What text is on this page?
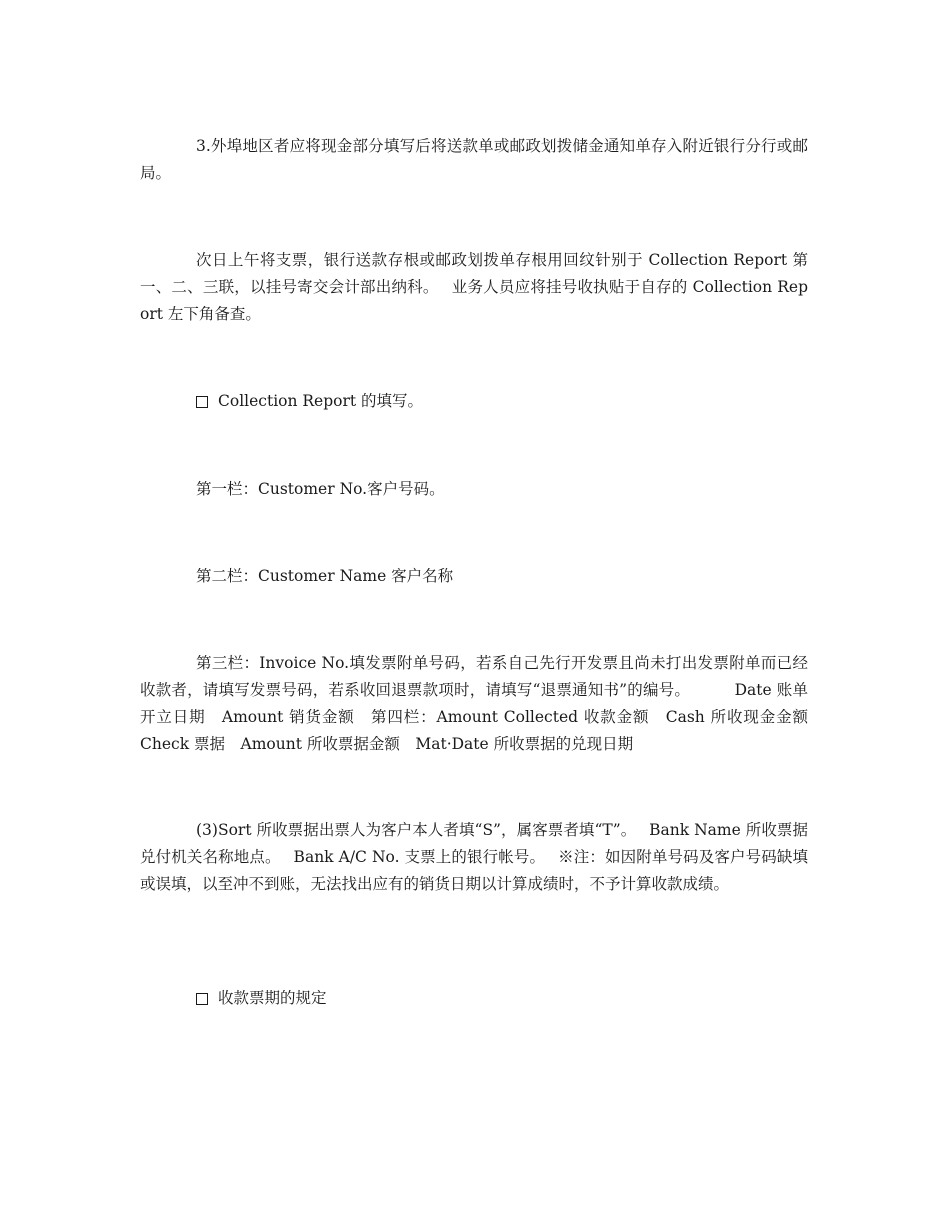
3.外埠地区者应将现金部分填写后将送款单或邮政划拨储金通知单存入附近银行分行或邮局。

次日上午将支票，银行送款存根或邮政划拨单存根用回纹针别于 Collection Report 第一、二、三联，以挂号寄交会计部出纳科。　 业务人员应将挂号收执贴于自存的 Collection Report 左下角备查。

Collection Report 的填写。

第一栏：Customer No.客户号码。

第二栏：Customer Name 客户名称

第三栏：Invoice No.填发票附单号码，若系自己先行开发票且尚未打出发票附单而已经收款者，请填写发票号码，若系收回退票款项时，请填写“退票通知书”的编号。　　　 Date 账单开立日期　Amount 销货金额　第四栏：Amount Collected 收款金额　Cash 所收现金金额　Check 票据　Amount 所收票据金额　Mat·Date 所收票据的兑现日期

(3)Sort 所收票据出票人为客户本人者填“S”，属客票者填“T”。　 Bank Name 所收票据兑付机关名称地点。　 Bank A/C No. 支票上的银行帐号。　 ※注：如因附单号码及客户号码缺填或误填，以至冲不到账，无法找出应有的销货日期以计算成绩时，不予计算收款成绩。

收款票期的规定
